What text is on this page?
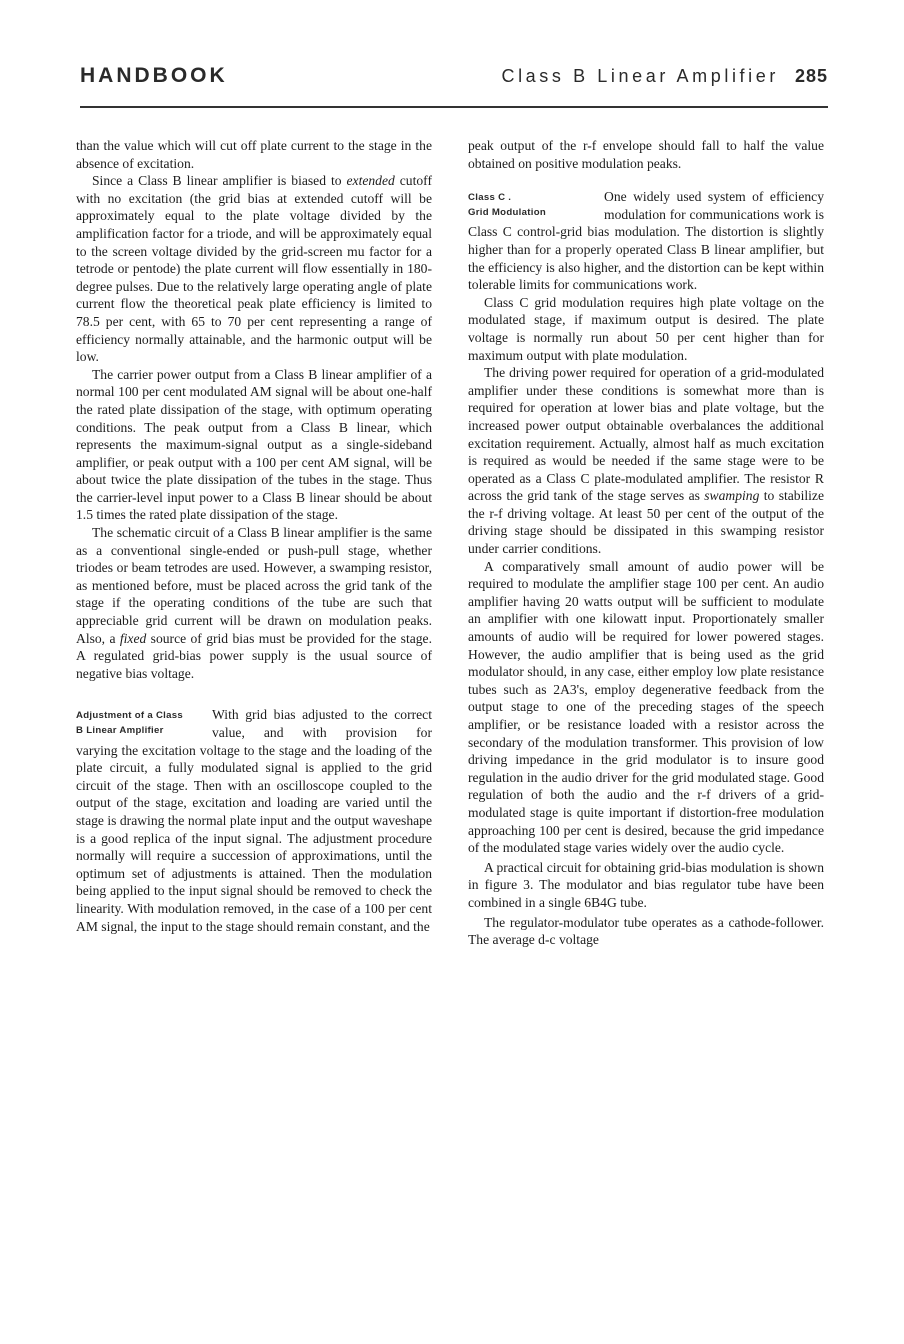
HANDBOOK	Class B Linear Amplifier 285

than the value which will cut off plate current to the stage in the absence of excitation.

Since a Class B linear amplifier is biased to extended cutoff with no excitation (the grid bias at extended cutoff will be approximately equal to the plate voltage divided by the amplification factor for a triode, and will be approximately equal to the screen voltage divided by the grid-screen mu factor for a tetrode or pentode) the plate current will flow essentially in 180-degree pulses. Due to the relatively large operating angle of plate current flow the theoretical peak plate efficiency is limited to 78.5 per cent, with 65 to 70 per cent representing a range of efficiency normally attainable, and the harmonic output will be low.

The carrier power output from a Class B linear amplifier of a normal 100 per cent modulated AM signal will be about one-half the rated plate dissipation of the stage, with optimum operating conditions. The peak output from a Class B linear, which represents the maximum-signal output as a single-sideband amplifier, or peak output with a 100 per cent AM signal, will be about twice the plate dissipation of the tubes in the stage. Thus the carrier-level input power to a Class B linear should be about 1.5 times the rated plate dissipation of the stage.

The schematic circuit of a Class B linear amplifier is the same as a conventional single-ended or push-pull stage, whether triodes or beam tetrodes are used. However, a swamping resistor, as mentioned before, must be placed across the grid tank of the stage if the operating conditions of the tube are such that appreciable grid current will be drawn on modulation peaks. Also, a fixed source of grid bias must be provided for the stage. A regulated grid-bias power supply is the usual source of negative bias voltage.

Adjustment of a Class
B Linear Amplifier
With grid bias adjusted to the correct value, and with provision for

varying the excitation voltage to the stage and the loading of the plate circuit, a fully modulated signal is applied to the grid circuit of the stage. Then with an oscilloscope coupled to the output of the stage, excitation and loading are varied until the stage is drawing the normal plate input and the output waveshape is a good replica of the input signal. The adjustment procedure normally will require a succession of approximations, until the optimum set of adjustments is attained. Then the modulation being applied to the input signal should be removed to check the linearity. With modulation removed, in the case of a 100 per cent AM signal, the input to the stage should remain constant, and the

peak output of the r-f envelope should fall to half the value obtained on positive modulation peaks.

Class C .
Grid Modulation
One widely used system of efficiency modulation for communications work is

Class C control-grid bias modulation. The distortion is slightly higher than for a properly operated Class B linear amplifier, but the efficiency is also higher, and the distortion can be kept within tolerable limits for communications work.

Class C grid modulation requires high plate voltage on the modulated stage, if maximum output is desired. The plate voltage is normally run about 50 per cent higher than for maximum output with plate modulation.

The driving power required for operation of a grid-modulated amplifier under these conditions is somewhat more than is required for operation at lower bias and plate voltage, but the increased power output obtainable overbalances the additional excitation requirement. Actually, almost half as much excitation is required as would be needed if the same stage were to be operated as a Class C plate-modulated amplifier. The resistor R across the grid tank of the stage serves as swamping to stabilize the r-f driving voltage. At least 50 per cent of the output of the driving stage should be dissipated in this swamping resistor under carrier conditions.

A comparatively small amount of audio power will be required to modulate the amplifier stage 100 per cent. An audio amplifier having 20 watts output will be sufficient to modulate an amplifier with one kilowatt input. Proportionately smaller amounts of audio will be required for lower powered stages. However, the audio amplifier that is being used as the grid modulator should, in any case, either employ low plate resistance tubes such as 2A3's, employ degenerative feedback from the output stage to one of the preceding stages of the speech amplifier, or be resistance loaded with a resistor across the secondary of the modulation transformer. This provision of low driving impedance in the grid modulator is to insure good regulation in the audio driver for the grid modulated stage. Good regulation of both the audio and the r-f drivers of a grid-modulated stage is quite important if distortion-free modulation approaching 100 per cent is desired, because the grid impedance of the modulated stage varies widely over the audio cycle.

A practical circuit for obtaining grid-bias modulation is shown in figure 3. The modulator and bias regulator tube have been combined in a single 6B4G tube.

The regulator-modulator tube operates as a cathode-follower. The average d-c voltage
